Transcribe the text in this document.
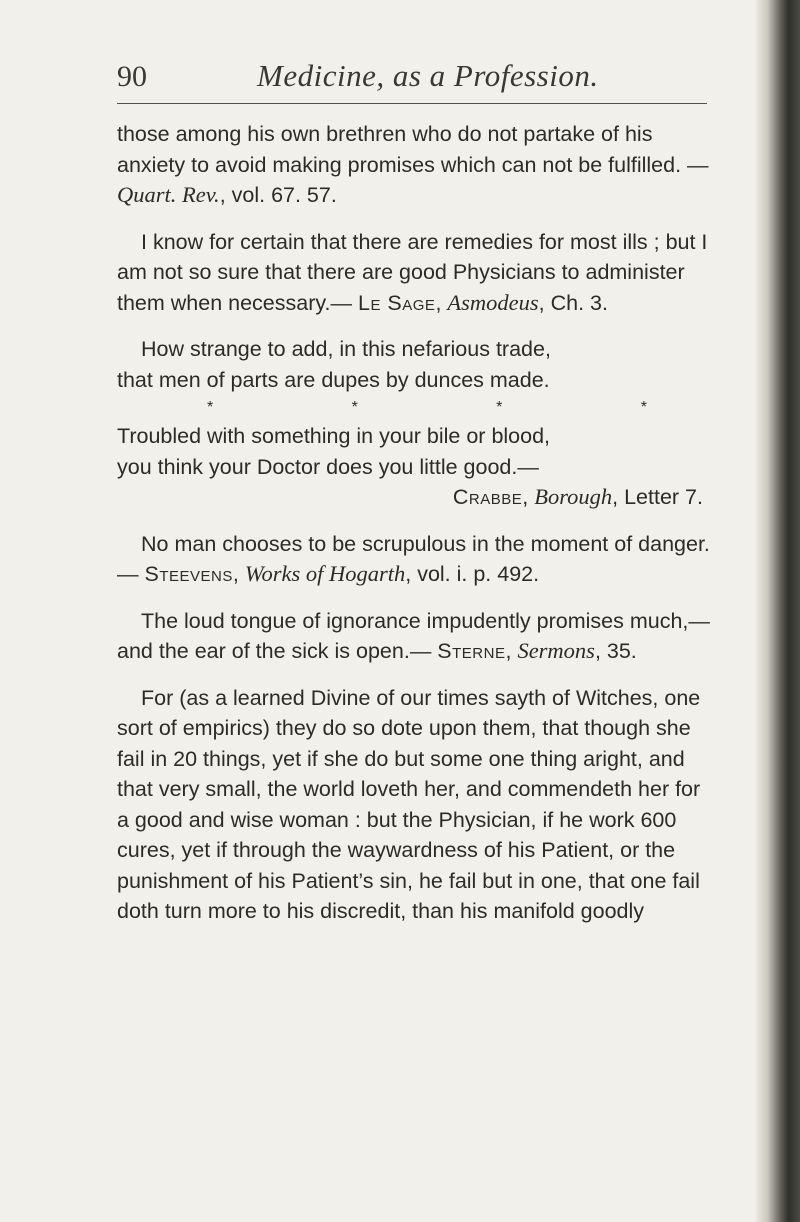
90	Medicine, as a Profession.

those among his own brethren who do not partake of his anxiety to avoid making promises which can not be fulfilled. — Quart. Rev., vol. 67. 57.

I know for certain that there are remedies for most ills ; but I am not so sure that there are good Physicians to administer them when necessary.— Le Sage, Asmodeus, Ch. 3.

How strange to add, in this nefarious trade,
that men of parts are dupes by dunces made.
*	*	*	*
Troubled with something in your bile or blood,
you think your Doctor does you little good.—
Crabbe, Borough, Letter 7.

No man chooses to be scrupulous in the moment of danger. — Steevens, Works of Hogarth, vol. i. p. 492.

The loud tongue of ignorance impudently promises much,— and the ear of the sick is open.— Sterne, Sermons, 35.

For (as a learned Divine of our times sayth of Witches, one sort of empirics) they do so dote upon them, that though she fail in 20 things, yet if she do but some one thing aright, and that very small, the world loveth her, and commendeth her for a good and wise woman : but the Physician, if he work 600 cures, yet if through the waywardness of his Patient, or the punishment of his Patient’s sin, he fail but in one, that one fail doth turn more to his discredit, than his manifold goodly
